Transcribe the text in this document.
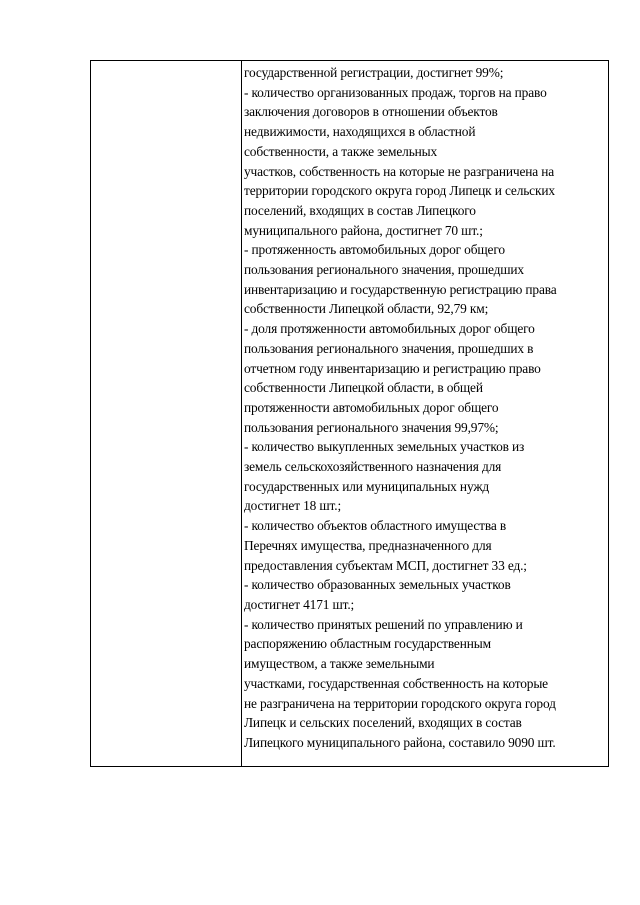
государственной регистрации, достигнет 99%;
- количество организованных продаж, торгов на право
заключения договоров в отношении объектов
недвижимости, находящихся в областной
собственности, а также земельных
участков, собственность на которые не разграничена на
территории городского округа город Липецк и сельских
поселений, входящих в состав Липецкого
муниципального района, достигнет 70 шт.;
- протяженность автомобильных дорог общего
пользования регионального значения, прошедших
инвентаризацию и государственную регистрацию права
собственности Липецкой области, 92,79 км;
- доля протяженности автомобильных дорог общего
пользования регионального значения, прошедших в
отчетном году инвентаризацию и регистрацию право
собственности Липецкой области, в общей
протяженности автомобильных дорог общего
пользования регионального значения 99,97%;
- количество выкупленных земельных участков из
земель сельскохозяйственного назначения для
государственных или муниципальных нужд
достигнет 18 шт.;
- количество объектов областного имущества в
Перечнях имущества, предназначенного для
предоставления субъектам МСП, достигнет 33 ед.;
- количество образованных земельных участков
достигнет 4171 шт.;
- количество принятых решений по управлению и
распоряжению областным государственным
имуществом, а также земельными
участками, государственная собственность на которые
не разграничена на территории городского округа город
Липецк и сельских поселений, входящих в состав
Липецкого муниципального района, составило 9090 шт.
